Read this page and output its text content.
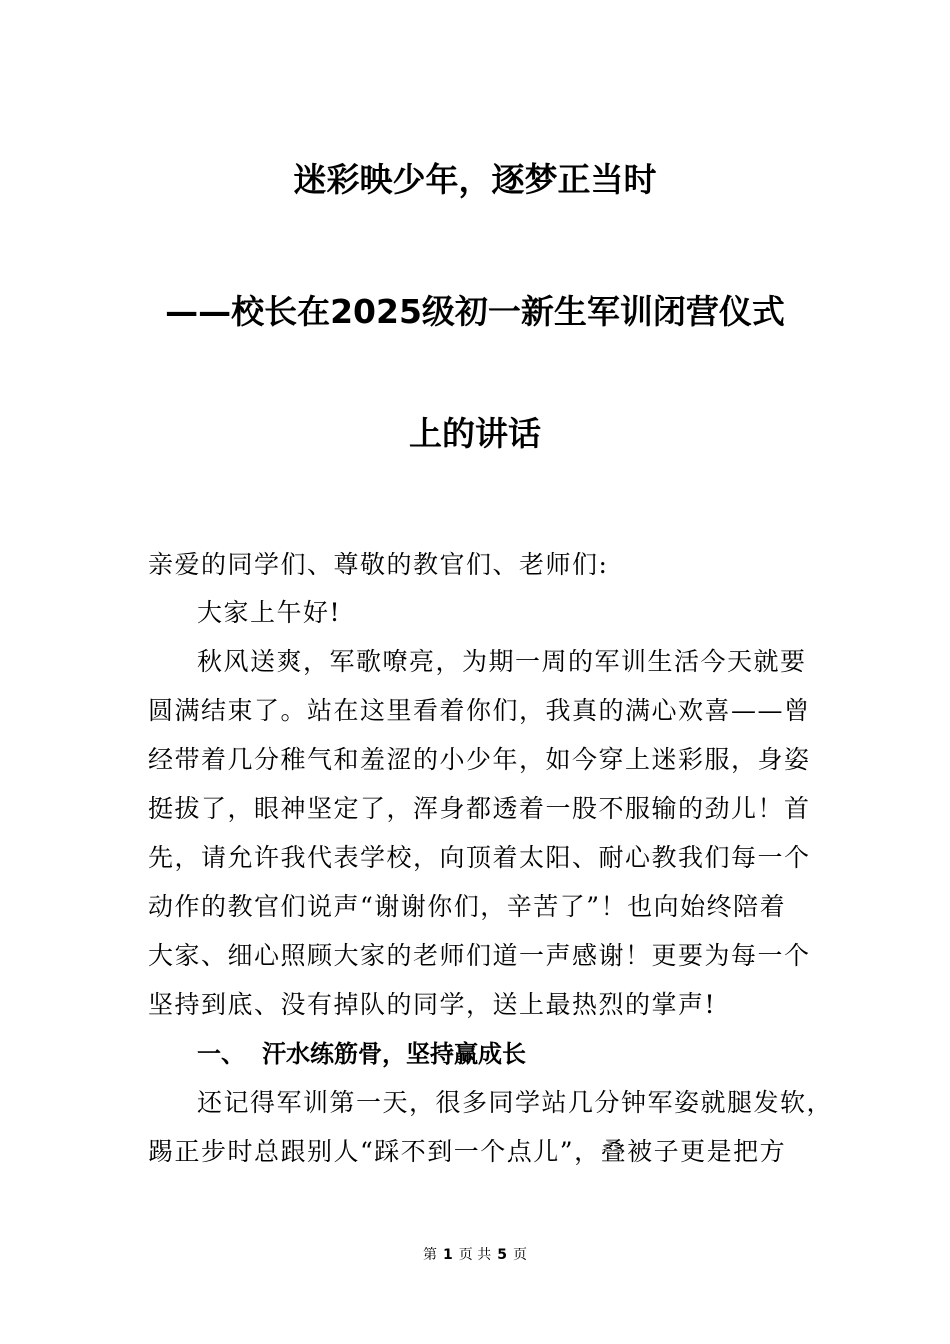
迷彩映少年，逐梦正当时
——校长在2025级初一新生军训闭营仪式
上的讲话
亲爱的同学们、尊敬的教官们、老师们:
大家上午好!
秋风送爽，军歌嘹亮，为期一周的军训生活今天就要
圆满结束了。站在这里看着你们，我真的满心欢喜——曾
经带着几分稚气和羞涩的小少年，如今穿上迷彩服，身姿
挺拔了，眼神坚定了，浑身都透着一股不服输的劲儿！首
先，请允许我代表学校，向顶着太阳、耐心教我们每一个
动作的教官们说声“谢谢你们，辛苦了”！也向始终陪着
大家、细心照顾大家的老师们道一声感谢！更要为每一个
坚持到底、没有掉队的同学，送上最热烈的掌声!
一、 汗水练筋骨，坚持赢成长
还记得军训第一天，很多同学站几分钟军姿就腿发软，
踢正步时总跟别人“踩不到一个点儿”，叠被子更是把方
第 1 页 共 5 页
